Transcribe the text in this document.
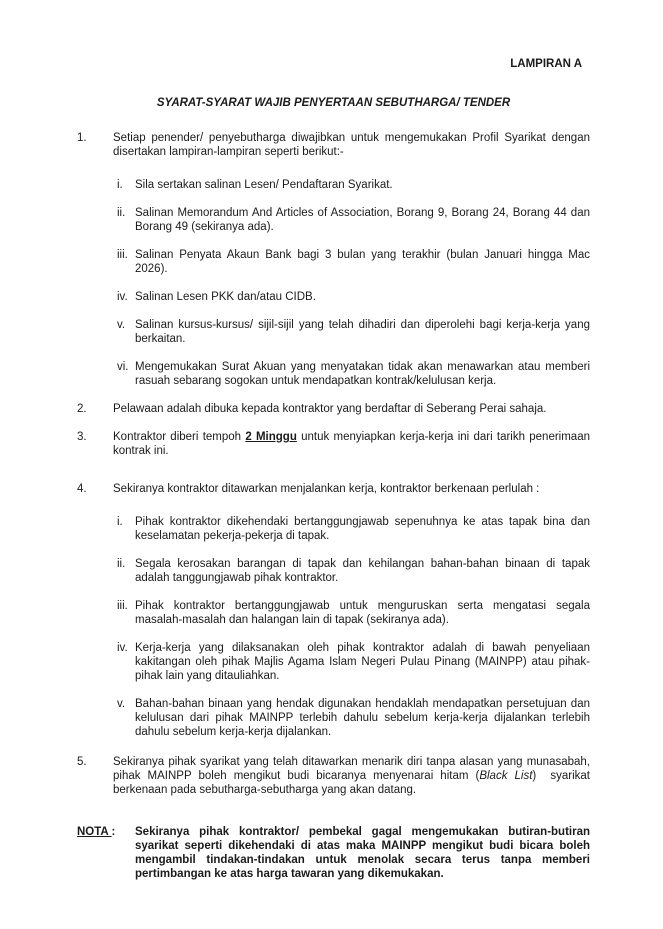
LAMPIRAN A
SYARAT-SYARAT WAJIB PENYERTAAN SEBUTHARGA/ TENDER
1. Setiap penender/ penyebutharga diwajibkan untuk mengemukakan Profil Syarikat dengan disertakan lampiran-lampiran seperti berikut:-

i. Sila sertakan salinan Lesen/ Pendaftaran Syarikat.

ii. Salinan Memorandum And Articles of Association, Borang 9, Borang 24, Borang 44 dan Borang 49 (sekiranya ada).

iii. Salinan Penyata Akaun Bank bagi 3 bulan yang terakhir (bulan Januari hingga Mac 2026).

iv. Salinan Lesen PKK dan/atau CIDB.

v. Salinan kursus-kursus/ sijil-sijil yang telah dihadiri dan diperolehi bagi kerja-kerja yang berkaitan.

vi. Mengemukakan Surat Akuan yang menyatakan tidak akan menawarkan atau memberi rasuah sebarang sogokan untuk mendapatkan kontrak/kelulusan kerja.

2. Pelawaan adalah dibuka kepada kontraktor yang berdaftar di Seberang Perai sahaja.

3. Kontraktor diberi tempoh 2 Minggu untuk menyiapkan kerja-kerja ini dari tarikh penerimaan kontrak ini.

4. Sekiranya kontraktor ditawarkan menjalankan kerja, kontraktor berkenaan perlulah :

i. Pihak kontraktor dikehendaki bertanggungjawab sepenuhnya ke atas tapak bina dan keselamatan pekerja-pekerja di tapak.

ii. Segala kerosakan barangan di tapak dan kehilangan bahan-bahan binaan di tapak adalah tanggungjawab pihak kontraktor.

iii. Pihak kontraktor bertanggungjawab untuk menguruskan serta mengatasi segala masalah-masalah dan halangan lain di tapak (sekiranya ada).

iv. Kerja-kerja yang dilaksanakan oleh pihak kontraktor adalah di bawah penyeliaan kakitangan oleh pihak Majlis Agama Islam Negeri Pulau Pinang (MAINPP) atau pihak-pihak lain yang ditauliahkan.

v. Bahan-bahan binaan yang hendak digunakan hendaklah mendapatkan persetujuan dan kelulusan dari pihak MAINPP terlebih dahulu sebelum kerja-kerja dijalankan terlebih dahulu sebelum kerja-kerja dijalankan.

5. Sekiranya pihak syarikat yang telah ditawarkan menarik diri tanpa alasan yang munasabah, pihak MAINPP boleh mengikut budi bicaranya menyenarai hitam (Black List)  syarikat berkenaan pada sebutharga-sebutharga yang akan datang.

NOTA : Sekiranya pihak kontraktor/ pembekal gagal mengemukakan butiran-butiran syarikat seperti dikehendaki di atas maka MAINPP mengikut budi bicara boleh mengambil tindakan-tindakan untuk menolak secara terus tanpa memberi pertimbangan ke atas harga tawaran yang dikemukakan.
